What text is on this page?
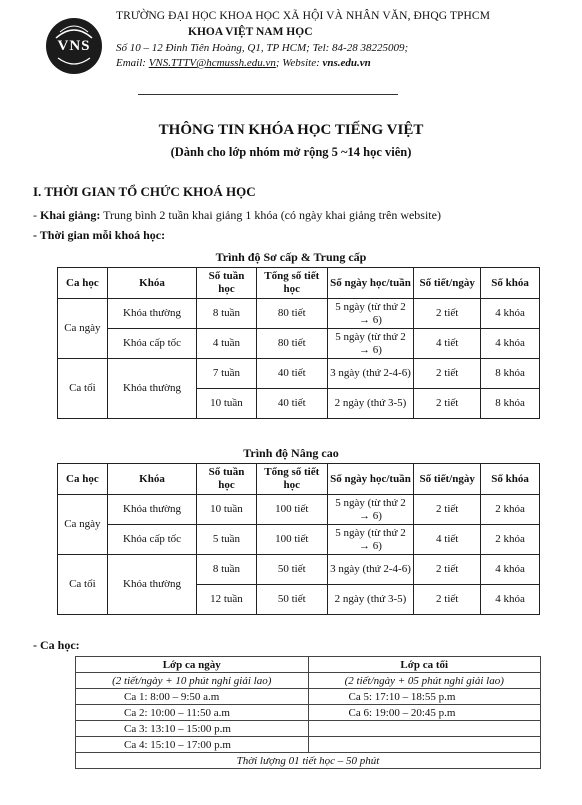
VNS
TRƯỜNG ĐẠI HỌC KHOA HỌC XÃ HỘI VÀ NHÂN VĂN, ĐHQG TPHCM
KHOA VIỆT NAM HỌC
Số 10 – 12 Đinh Tiên Hoàng, Q1, TP HCM; Tel: 84-28 38225009;
Email: VNS.TTTV@hcmussh.edu.vn; Website: vns.edu.vn
THÔNG TIN KHÓA HỌC TIẾNG VIỆT
(Dành cho lớp nhóm mở rộng 5 ~14 học viên)
I. THỜI GIAN TỔ CHỨC KHOÁ HỌC
- Khai giảng: Trung bình 2 tuần khai giảng 1 khóa (có ngày khai giảng trên website)
- Thời gian mỗi khoá học:
Trình độ Sơ cấp & Trung cấp
Ca học	Khóa	Số tuần học	Tổng số tiết học	Số ngày học/tuần	Số tiết/ngày	Số khóa
Ca ngày	Khóa thường	8 tuần	80 tiết	5 ngày (từ thứ 2 → 6)	2 tiết	4 khóa
	Khóa cấp tốc	4 tuần	80 tiết	5 ngày (từ thứ 2 → 6)	4 tiết	4 khóa
Ca tối	Khóa thường	7 tuần	40 tiết	3 ngày (thứ 2-4-6)	2 tiết	8 khóa
		10 tuần	40 tiết	2 ngày (thứ 3-5)	2 tiết	8 khóa
Trình độ Nâng cao
Ca học	Khóa	Số tuần học	Tổng số tiết học	Số ngày học/tuần	Số tiết/ngày	Số khóa
Ca ngày	Khóa thường	10 tuần	100 tiết	5 ngày (từ thứ 2 → 6)	2 tiết	2 khóa
	Khóa cấp tốc	5 tuần	100 tiết	5 ngày (từ thứ 2 → 6)	4 tiết	2 khóa
Ca tối	Khóa thường	8 tuần	50 tiết	3 ngày (thứ 2-4-6)	2 tiết	4 khóa
		12 tuần	50 tiết	2 ngày (thứ 3-5)	2 tiết	4 khóa
- Ca học:
Lớp ca ngày	Lớp ca tối
(2 tiết/ngày + 10 phút nghỉ giải lao)	(2 tiết/ngày + 05 phút nghỉ giải lao)
Ca 1: 8:00 – 9:50 a.m	Ca 5: 17:10 – 18:55 p.m
Ca 2: 10:00 – 11:50 a.m	Ca 6: 19:00 – 20:45 p.m
Ca 3: 13:10 – 15:00 p.m	
Ca 4: 15:10 – 17:00 p.m	
Thời lượng 01 tiết học – 50 phút	
